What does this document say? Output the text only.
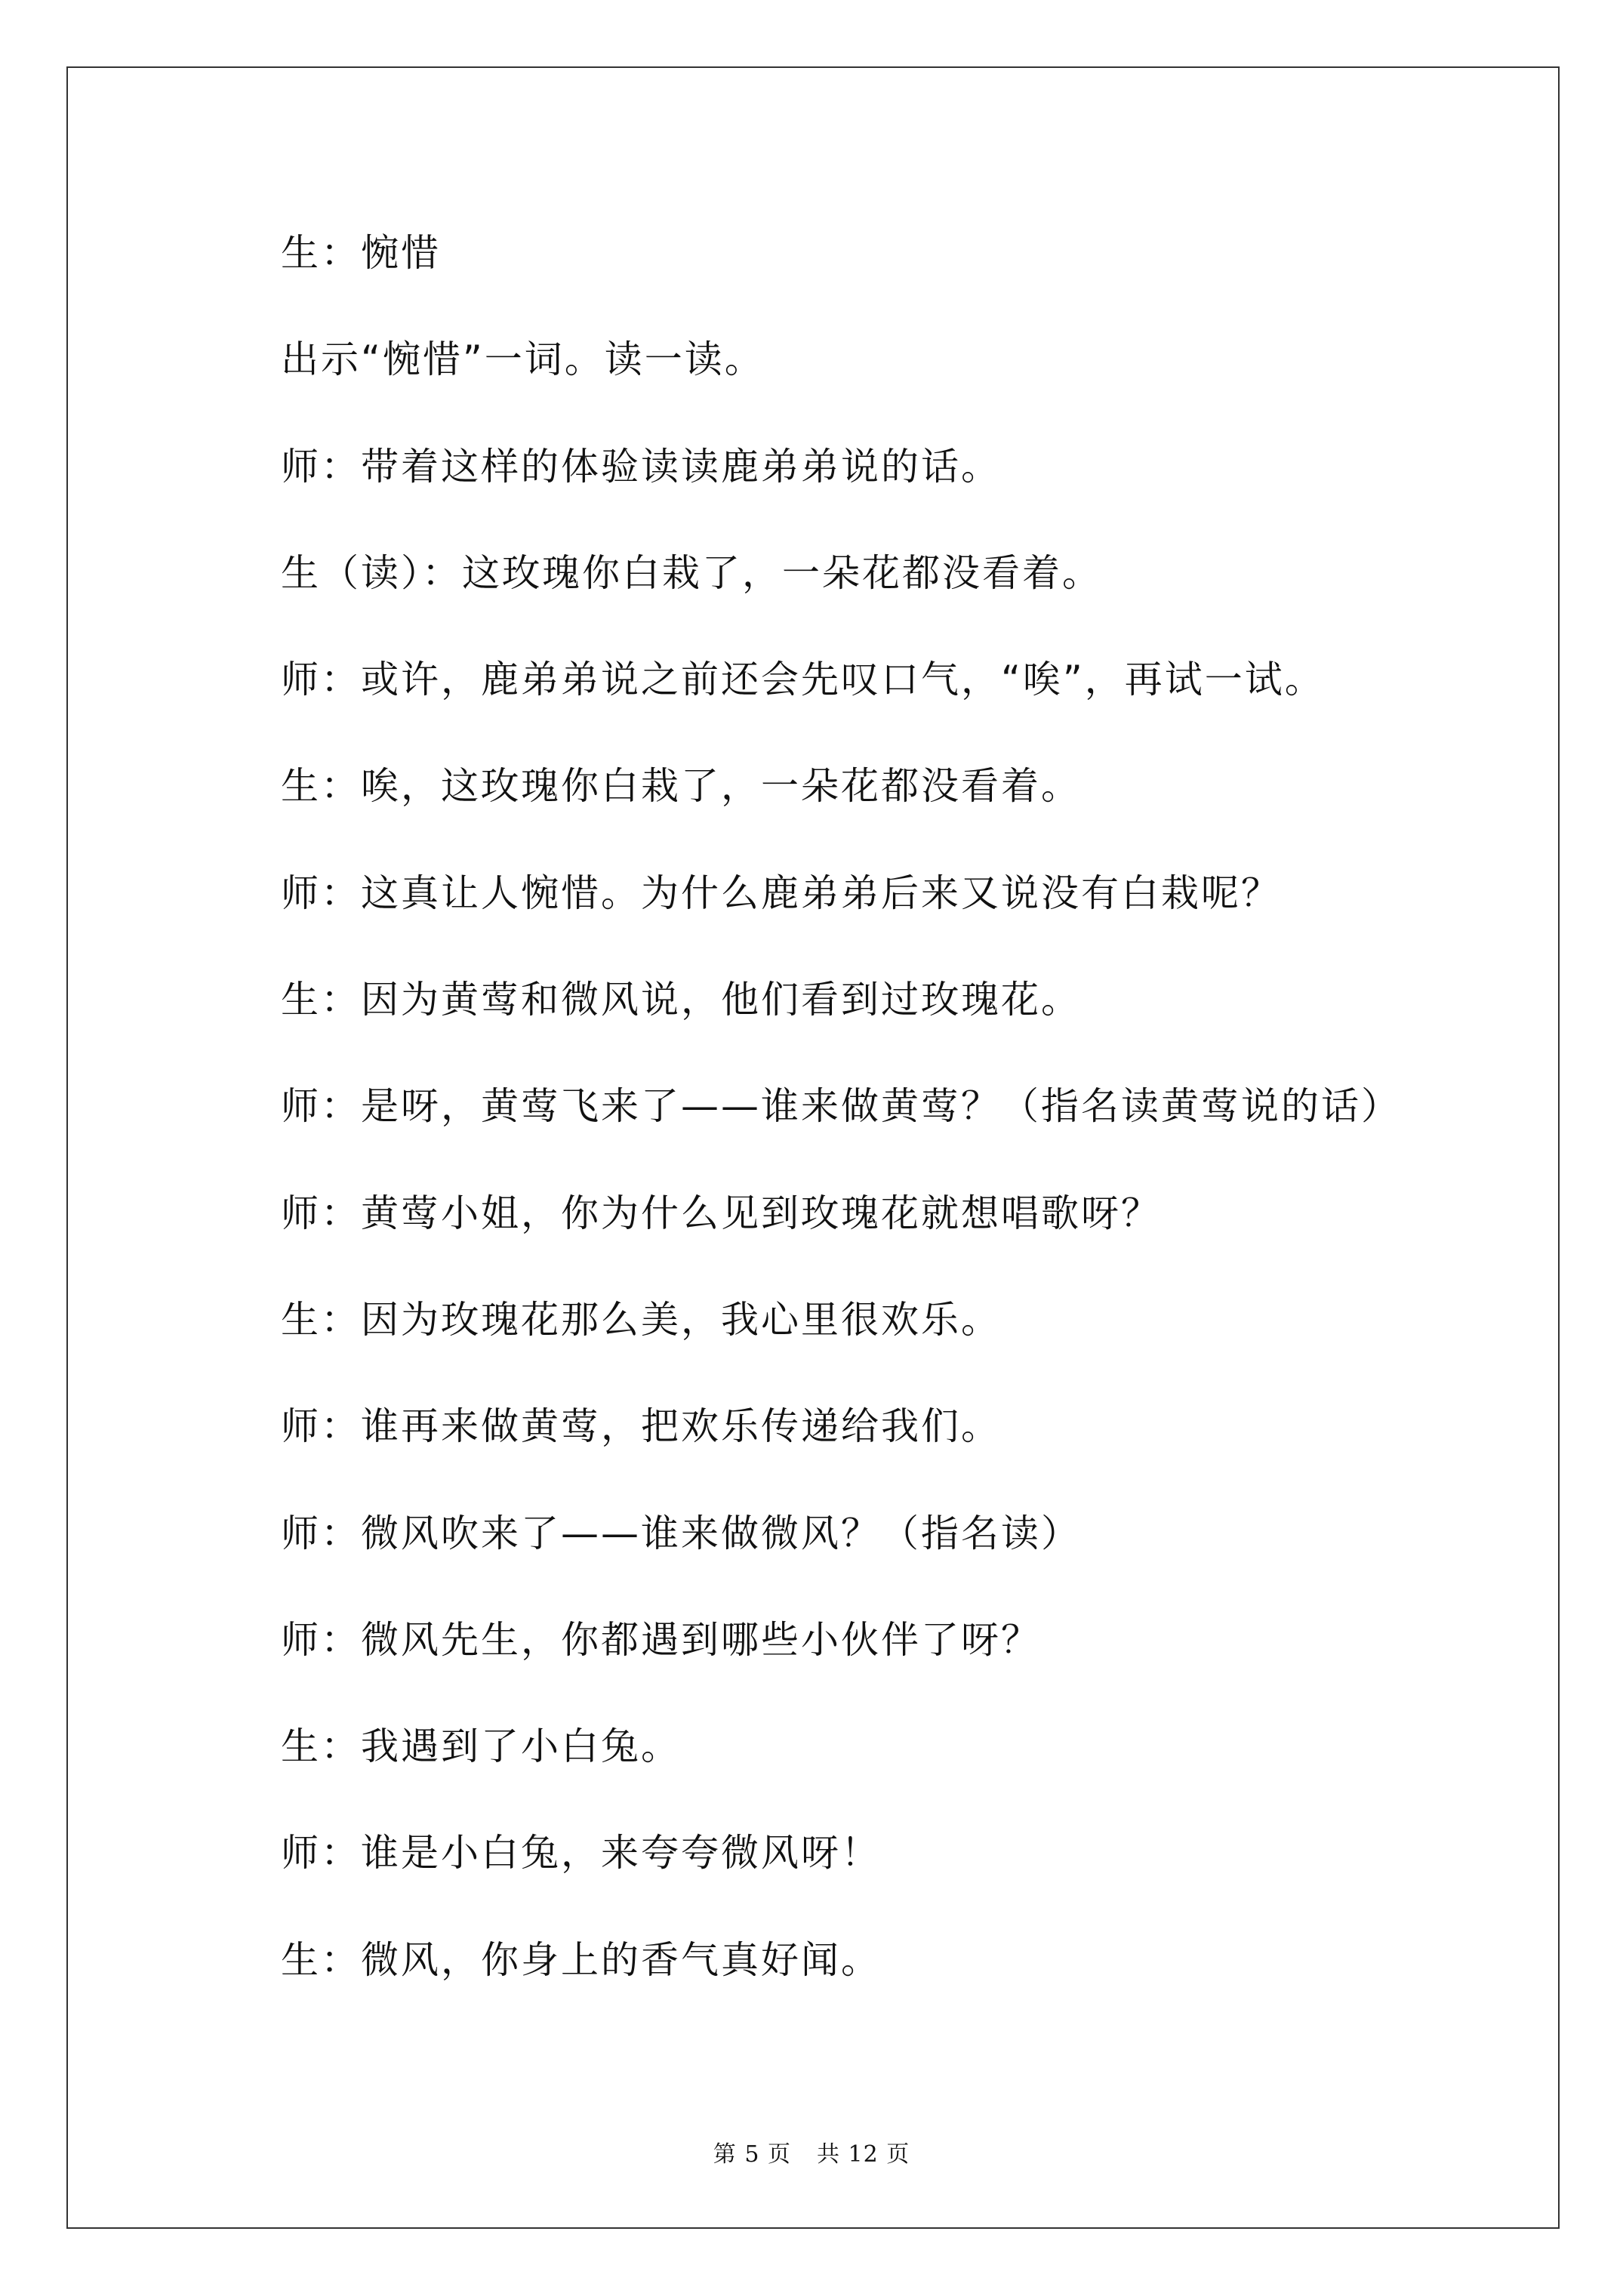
生：惋惜
出示“惋惜”一词。读一读。
师：带着这样的体验读读鹿弟弟说的话。
生（读）：这玫瑰你白栽了，一朵花都没看着。
师：或许，鹿弟弟说之前还会先叹口气，“唉”，再试一试。
生：唉，这玫瑰你白栽了，一朵花都没看着。
师：这真让人惋惜。为什么鹿弟弟后来又说没有白栽呢？
生：因为黄莺和微风说，他们看到过玫瑰花。
师：是呀，黄莺飞来了——谁来做黄莺？（指名读黄莺说的话）
师：黄莺小姐，你为什么见到玫瑰花就想唱歌呀？
生：因为玫瑰花那么美，我心里很欢乐。
师：谁再来做黄莺，把欢乐传递给我们。
师：微风吹来了——谁来做微风？（指名读）
师：微风先生，你都遇到哪些小伙伴了呀？
生：我遇到了小白兔。
师：谁是小白兔，来夸夸微风呀！
生：微风，你身上的香气真好闻。
第 5 页 共 12 页
